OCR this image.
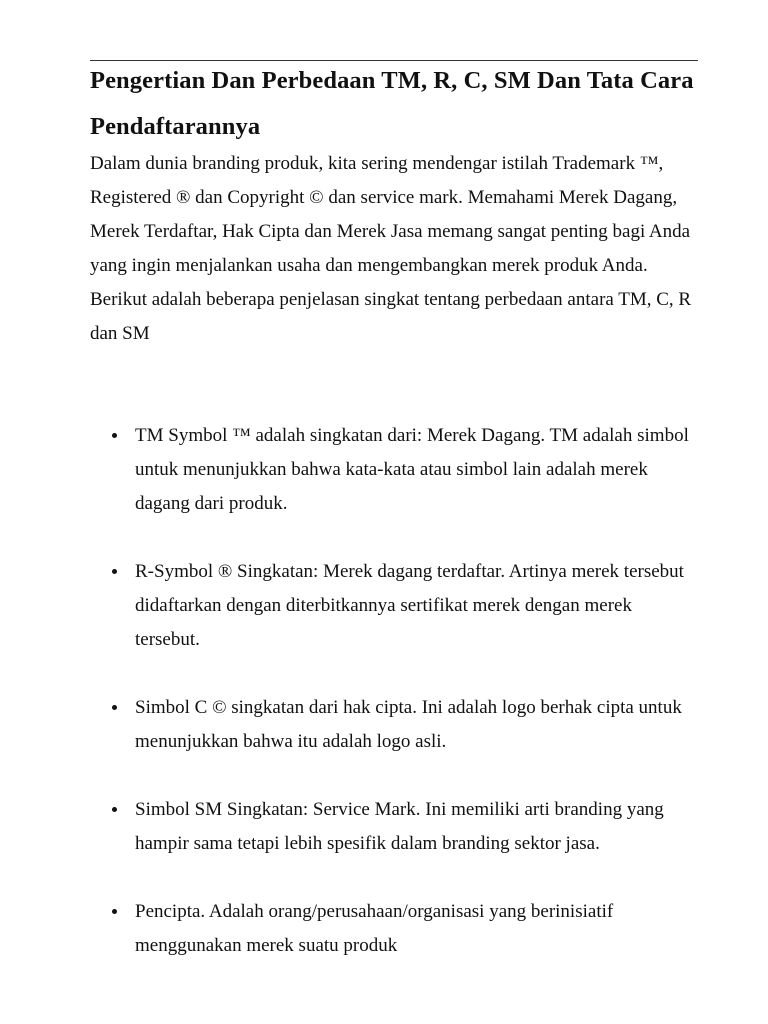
Pengertian Dan Perbedaan TM, R, C, SM Dan Tata Cara Pendaftarannya

Dalam dunia branding produk, kita sering mendengar istilah Trademark ™, Registered ® dan Copyright © dan service mark. Memahami Merek Dagang, Merek Terdaftar, Hak Cipta dan Merek Jasa memang sangat penting bagi Anda yang ingin menjalankan usaha dan mengembangkan merek produk Anda. Berikut adalah beberapa penjelasan singkat tentang perbedaan antara TM, C, R dan SM

TM Symbol ™ adalah singkatan dari: Merek Dagang. TM adalah simbol untuk menunjukkan bahwa kata-kata atau simbol lain adalah merek dagang dari produk.
R-Symbol ® Singkatan: Merek dagang terdaftar. Artinya merek tersebut didaftarkan dengan diterbitkannya sertifikat merek dengan merek tersebut.
Simbol C © singkatan dari hak cipta. Ini adalah logo berhak cipta untuk menunjukkan bahwa itu adalah logo asli.
Simbol SM Singkatan: Service Mark. Ini memiliki arti branding yang hampir sama tetapi lebih spesifik dalam branding sektor jasa.
Pencipta. Adalah orang/perusahaan/organisasi yang berinisiatif menggunakan merek suatu produk
